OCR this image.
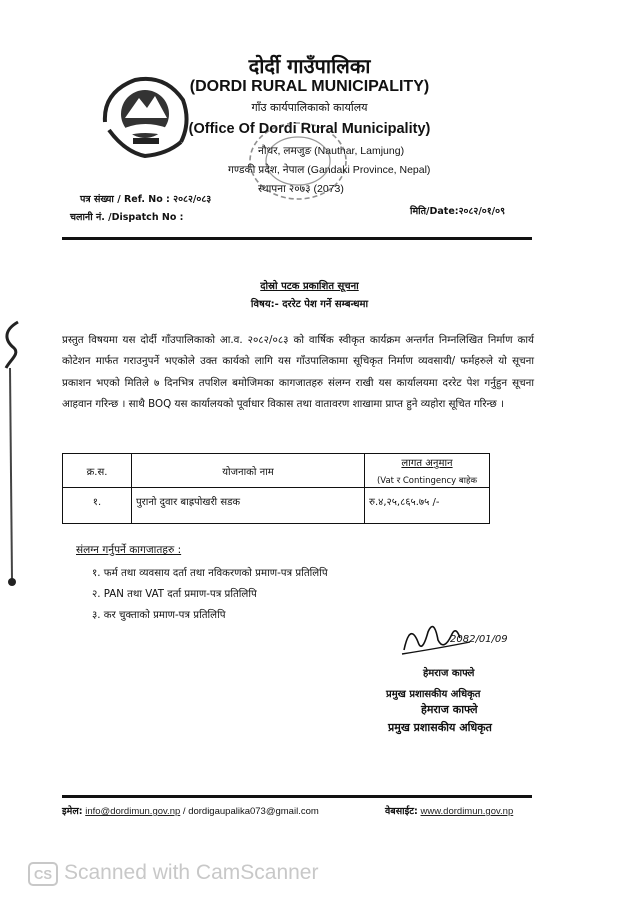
दोर्दी गाउँपालिका
(DORDI RURAL MUNICIPALITY)
गाँउ कार्यपालिकाको कार्यालय
(Office Of Dordi Rural Municipality)
नौथर, लमजुङ (Nauthar, Lamjung)
गण्डकी प्रदेश, नेपाल (Gandaki Province, Nepal)
स्थापना २०७३ (2073)
पत्र संख्या / Ref. No : २०८२/०८३
चलानी नं. /Dispatch No :
मिति/Date:२०८२/०१/०९
दोस्रो पटक प्रकाशित सूचना
विषय:- दररेट पेश गर्ने सम्बन्धमा
प्रस्तुत विषयमा यस दोर्दी गाँउपालिकाको आ.व. २०८२/०८३ को वार्षिक स्वीकृत कार्यक्रम अन्तर्गत निम्नलिखित निर्माण कार्य कोटेशन मार्फत गराउनुपर्ने भएकोले उक्त कार्यको लागि यस गाँउपालिकामा सूचिकृत निर्माण व्यवसायी/ फर्महरुले यो सूचना प्रकाशन भएको मितिले ७ दिनभित्र तपशिल बमोजिमका कागजातहरु संलग्न राखी यस कार्यालयमा दररेट पेश गर्नुहुन सूचना आहवान गरिन्छ । साथै BOQ यस कार्यालयको पूर्वाधार विकास तथा वातावरण शाखामा प्राप्त हुने व्यहोरा सूचित गरिन्छ ।
क्र.स.	योजनाको नाम	लागत अनुमान
(Vat र Contingency बाहेक

१.	पुरानो दुवार बाह्रपोखरी सडक	रु.४,२५,८६५.७५ /-
संलग्न गर्नुपर्ने कागजातहरु :
१. फर्म तथा व्यवसाय दर्ता तथा नविकरणको प्रमाण-पत्र प्रतिलिपि
२. PAN तथा VAT दर्ता प्रमाण-पत्र प्रतिलिपि
३. कर चुक्ताको प्रमाण-पत्र प्रतिलिपि
2082/01/09
हेमराज काफ्ले
प्रमुख प्रशासकीय अधिकृत
हेमराज काफ्ले
प्रमुख प्रशासकीय अधिकृत
इमेल: info@dordimun.gov.np / dordigaupalika073@gmail.com	वेबसाईट: www.dordimun.gov.np
CS Scanned with CamScanner
